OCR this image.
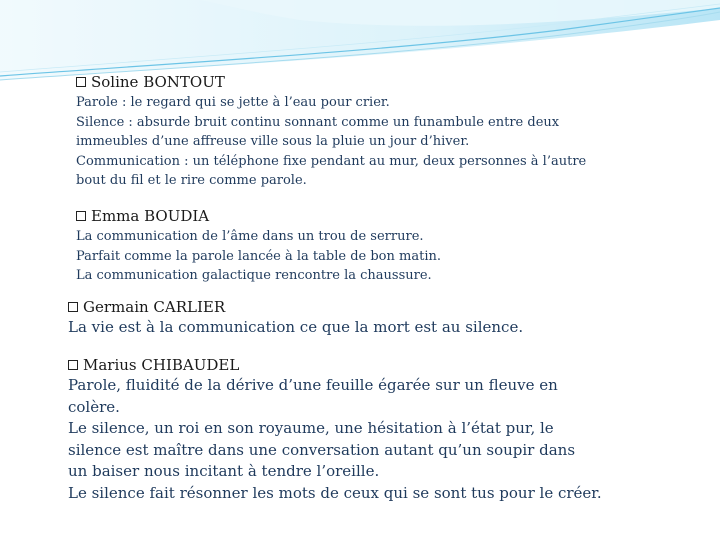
Soline BONTOUT

Parole : le regard qui se jette à l’eau pour crier.

Silence : absurde bruit continu sonnant comme un funambule entre deux

immeubles d’une affreuse ville sous la pluie un jour d’hiver.

Communication : un téléphone fixe pendant au mur, deux personnes à l’autre

bout du fil et le rire comme parole.

Emma BOUDIA

La communication de l’âme dans un trou de serrure.

Parfait comme la parole lancée à la table de bon matin.

La communication galactique rencontre la chaussure.

Germain CARLIER

La vie est à la communication ce que la mort est au silence.

Marius CHIBAUDEL

Parole, fluidité de la dérive d’une feuille égarée sur un fleuve en

colère.

Le silence, un roi en son royaume, une hésitation à l’état pur, le

silence est maître dans une conversation autant qu’un soupir dans

un baiser nous incitant à tendre l’oreille.

Le silence fait résonner les mots de ceux qui se sont tus pour le créer.
